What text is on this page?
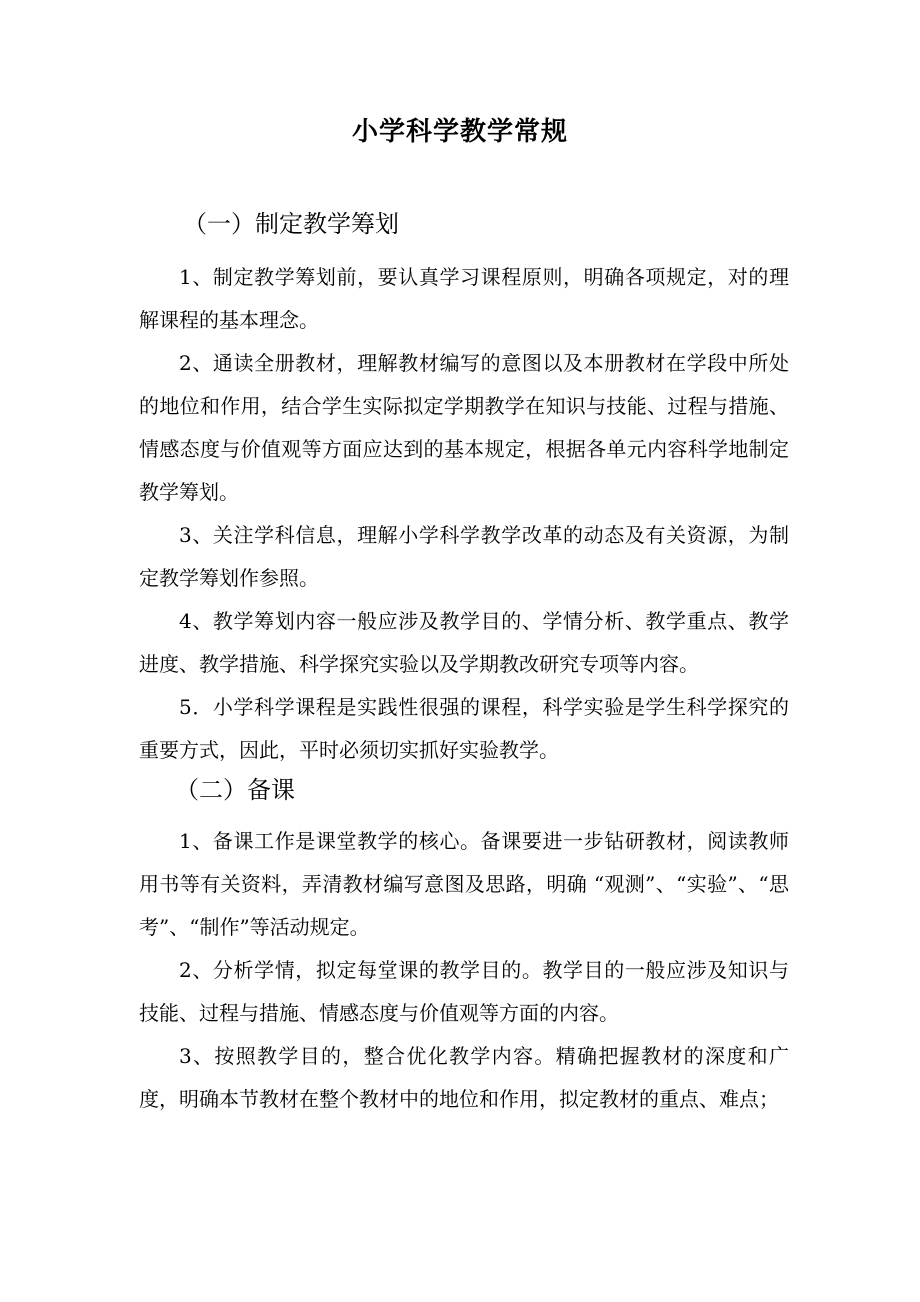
小学科学教学常规
（一）制定教学筹划
1、制定教学筹划前，要认真学习课程原则，明确各项规定，对的理解课程的基本理念。
2、通读全册教材，理解教材编写的意图以及本册教材在学段中所处的地位和作用，结合学生实际拟定学期教学在知识与技能、过程与措施、情感态度与价值观等方面应达到的基本规定，根据各单元内容科学地制定教学筹划。
3、关注学科信息，理解小学科学教学改革的动态及有关资源，为制定教学筹划作参照。
4、教学筹划内容一般应涉及教学目的、学情分析、教学重点、教学进度、教学措施、科学探究实验以及学期教改研究专项等内容。
5．小学科学课程是实践性很强的课程，科学实验是学生科学探究的重要方式，因此，平时必须切实抓好实验教学。
（二）备课
1、备课工作是课堂教学的核心。备课要进一步钻研教材，阅读教师用书等有关资料，弄清教材编写意图及思路，明确 “观测”、“实验”、“思考”、“制作”等活动规定。
2、分析学情，拟定每堂课的教学目的。教学目的一般应涉及知识与技能、过程与措施、情感态度与价值观等方面的内容。
3、按照教学目的，整合优化教学内容。精确把握教材的深度和广度，明确本节教材在整个教材中的地位和作用，拟定教材的重点、难点；
